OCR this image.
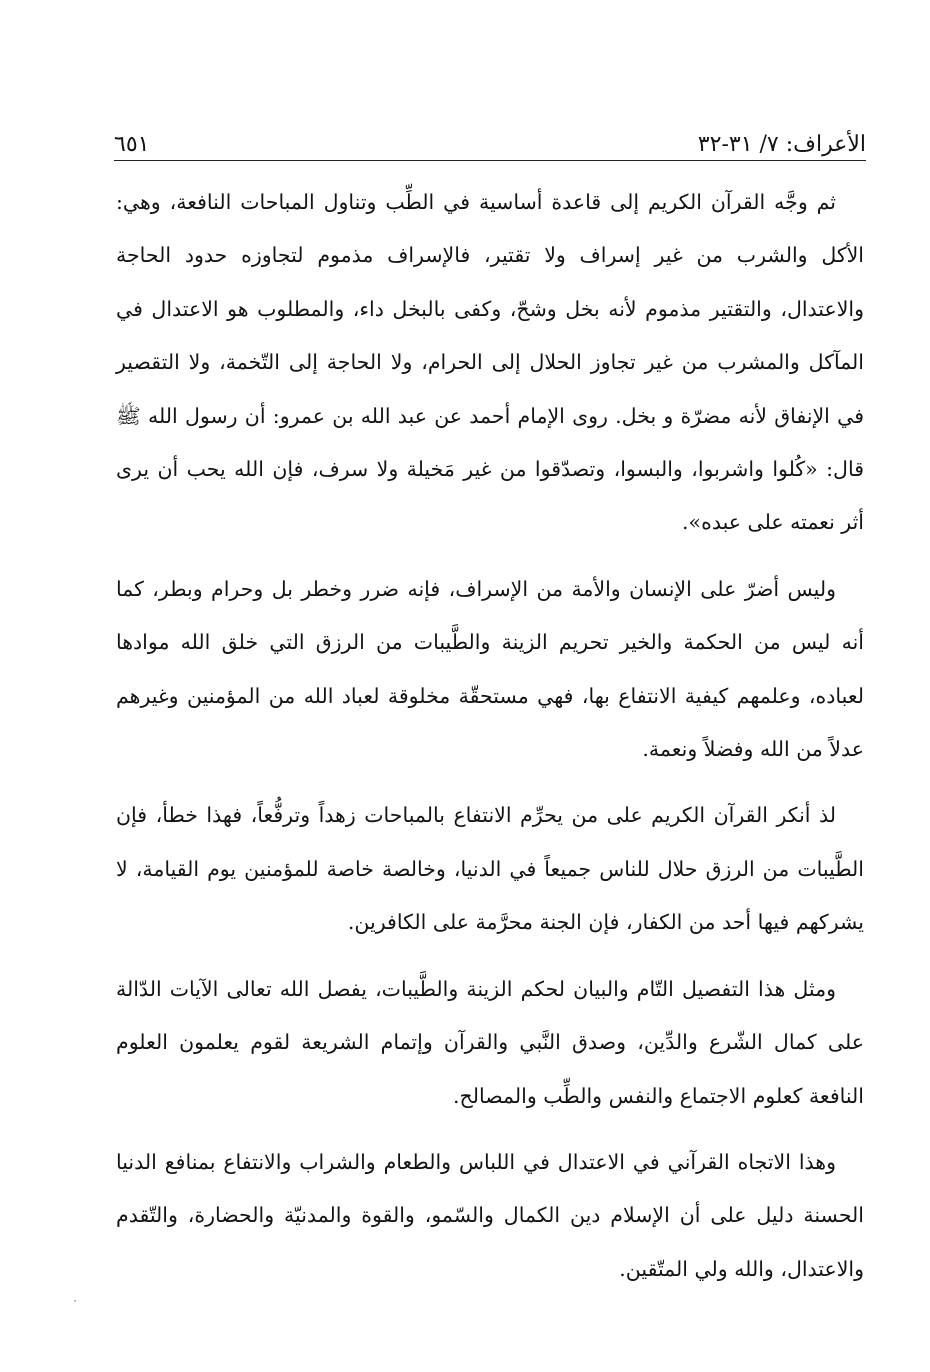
٦٥١	الأعراف: ٧/ ٣١-٣٢

ثم وجَّه القرآن الكريم إلى قاعدة أساسية في الطِّب وتناول المباحات النافعة، وهي: الأكل والشرب من غير إسراف ولا تقتير، فالإسراف مذموم لتجاوزه حدود الحاجة والاعتدال، والتقتير مذموم لأنه بخل وشحّ، وكفى بالبخل داء، والمطلوب هو الاعتدال في المآكل والمشرب من غير تجاوز الحلال إلى الحرام، ولا الحاجة إلى التّخمة، ولا التقصير في الإنفاق لأنه مضرّة و بخل. روى الإمام أحمد عن عبد الله بن عمرو: أن رسول الله ﷺ قال: «كُلوا واشربوا، والبسوا، وتصدّقوا من غير مَخيلة ولا سرف، فإن الله يحب أن يرى أثر نعمته على عبده».

وليس أضرّ على الإنسان والأمة من الإسراف، فإنه ضرر وخطر بل وحرام وبطر، كما أنه ليس من الحكمة والخير تحريم الزينة والطَّيبات من الرزق التي خلق الله موادها لعباده، وعلمهم كيفية الانتفاع بها، فهي مستحقّة مخلوقة لعباد الله من المؤمنين وغيرهم عدلاً من الله وفضلاً ونعمة.

لذ أنكر القرآن الكريم على من يحرِّم الانتفاع بالمباحات زهداً وترفُّعاً، فهذا خطأ، فإن الطَّيبات من الرزق حلال للناس جميعاً في الدنيا، وخالصة خاصة للمؤمنين يوم القيامة، لا يشركهم فيها أحد من الكفار، فإن الجنة محرَّمة على الكافرين.

ومثل هذا التفصيل التّام والبيان لحكم الزينة والطَّيبات، يفصل الله تعالى الآيات الدّالة على كمال الشّرع والدِّين، وصدق النَّبي والقرآن وإتمام الشريعة لقوم يعلمون العلوم النافعة كعلوم الاجتماع والنفس والطِّب والمصالح.

وهذا الاتجاه القرآني في الاعتدال في اللباس والطعام والشراب والانتفاع بمنافع الدنيا الحسنة دليل على أن الإسلام دين الكمال والسّمو، والقوة والمدنيّة والحضارة، والتّقدم والاعتدال، والله ولي المتّقين.
